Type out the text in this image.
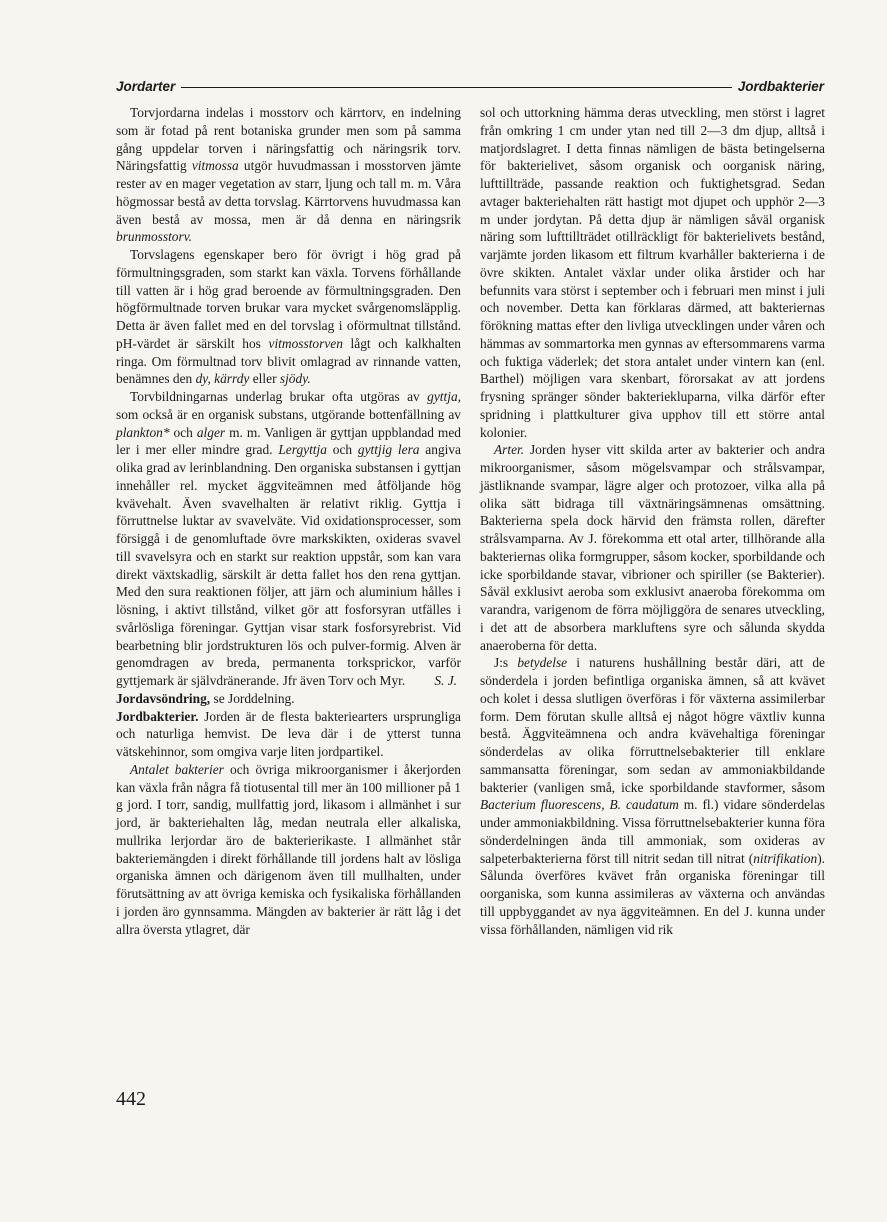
Jordarter	Jordbakterier

Torvjordarna indelas i mosstorv och kärrtorv, en indelning som är fotad på rent botaniska grunder men som på samma gång uppdelar torven i näringsfattig och näringsrik torv. Näringsfattig vitmossa utgör huvudmassan i mosstorven jämte rester av en mager vegetation av starr, ljung och tall m. m. Våra högmossar bestå av detta torvslag. Kärrtorvens huvudmassa kan även bestå av mossa, men är då denna en näringsrik brunmosstorv.

Torvslagens egenskaper bero för övrigt i hög grad på förmultningsgraden, som starkt kan växla. Torvens förhållande till vatten är i hög grad beroende av förmultningsgraden. Den högförmultnade torven brukar vara mycket svårgenomsläpplig. Detta är även fallet med en del torvslag i oförmultnat tillstånd. pH-värdet är särskilt hos vitmosstorven lågt och kalkhalten ringa. Om förmultnad torv blivit omlagrad av rinnande vatten, benämnes den dy, kärrdy eller sjödy.

Torvbildningarnas underlag brukar ofta utgöras av gyttja, som också är en organisk substans, utgörande bottenfällning av plankton* och alger m. m. Vanligen är gyttjan uppblandad med ler i mer eller mindre grad. Lergyttja och gyttjig lera angiva olika grad av lerinblandning. Den organiska substansen i gyttjan innehåller rel. mycket äggviteämnen med åtföljande hög kvävehalt. Även svavelhalten är relativt riklig. Gyttja i förruttnelse luktar av svavelväte. Vid oxidationsprocesser, som försiggå i de genomluftade övre markskikten, oxideras svavel till svavelsyra och en starkt sur reaktion uppstår, som kan vara direkt växtskadlig, särskilt är detta fallet hos den rena gyttjan. Med den sura reaktionen följer, att järn och aluminium hålles i lösning, i aktivt tillstånd, vilket gör att fosforsyran utfälles i svårlösliga föreningar. Gyttjan visar stark fosforsyrebrist. Vid bearbetning blir jordstrukturen lös och pulver-formig. Alven är genomdragen av breda, permanenta torksprickor, varför gyttjemark är självdränerande. Jfr även Torv och Myr.	S. J.

Jordavsöndring, se Jorddelning.

Jordbakterier. Jorden är de flesta bakteriearters ursprungliga och naturliga hemvist. De leva där i de ytterst tunna vätskehinnor, som omgiva varje liten jordpartikel.

Antalet bakterier och övriga mikroorganismer i åkerjorden kan växla från några få tiotusental till mer än 100 millioner på 1 g jord. I torr, sandig, mullfattig jord, likasom i allmänhet i sur jord, är bakteriehalten låg, medan neutrala eller alkaliska, mullrika lerjordar äro de bakterierikaste. I allmänhet står bakteriemängden i direkt förhållande till jordens halt av lösliga organiska ämnen och därigenom även till mullhalten, under förutsättning av att övriga kemiska och fysikaliska förhållanden i jorden äro gynnsamma. Mängden av bakterier är rätt låg i det allra översta ytlagret, där

sol och uttorkning hämma deras utveckling, men störst i lagret från omkring 1 cm under ytan ned till 2—3 dm djup, alltså i matjordslagret. I detta finnas nämligen de bästa betingelserna för bakterielivet, såsom organisk och oorganisk näring, lufttillträde, passande reaktion och fuktighetsgrad. Sedan avtager bakteriehalten rätt hastigt mot djupet och upphör 2—3 m under jordytan. På detta djup är nämligen såväl organisk näring som lufttillträdet otillräckligt för bakterielivets bestånd, varjämte jorden likasom ett filtrum kvarhåller bakterierna i de övre skikten. Antalet växlar under olika årstider och har befunnits vara störst i september och i februari men minst i juli och november. Detta kan förklaras därmed, att bakteriernas förökning mattas efter den livliga utvecklingen under våren och hämmas av sommartorka men gynnas av eftersommarens varma och fuktiga väderlek; det stora antalet under vintern kan (enl. Barthel) möjligen vara skenbart, förorsakat av att jordens frysning spränger sönder bakteriekluparna, vilka därför efter spridning i plattkulturer giva upphov till ett större antal kolonier.

Arter. Jorden hyser vitt skilda arter av bakterier och andra mikroorganismer, såsom mögelsvampar och strålsvampar, jästliknande svampar, lägre alger och protozoer, vilka alla på olika sätt bidraga till växtnäringsämnenas omsättning. Bakterierna spela dock härvid den främsta rollen, därefter strålsvamparna. Av J. förekomma ett otal arter, tillhörande alla bakteriernas olika formgrupper, såsom kocker, sporbildande och icke sporbildande stavar, vibrioner och spiriller (se Bakterier). Såväl exklusivt aeroba som exklusivt anaeroba förekomma om varandra, varigenom de förra möjliggöra de senares utveckling, i det att de absorbera markluftens syre och sålunda skydda anaeroberna för detta.

J:s betydelse i naturens hushållning består däri, att de sönderdela i jorden befintliga organiska ämnen, så att kvävet och kolet i dessa slutligen överföras i för växterna assimilerbar form. Dem förutan skulle alltså ej något högre växtliv kunna bestå. Äggviteämnena och andra kvävehaltiga föreningar sönderdelas av olika förruttnelsebakterier till enklare sammansatta föreningar, som sedan av ammoniakbildande bakterier (vanligen små, icke sporbildande stavformer, såsom Bacterium fluorescens, B. caudatum m. fl.) vidare sönderdelas under ammoniakbildning. Vissa förruttnelsebakterier kunna föra sönderdelningen ända till ammoniak, som oxideras av salpeterbakterierna först till nitrit sedan till nitrat (nitrifikation). Sålunda överföres kvävet från organiska föreningar till oorganiska, som kunna assimileras av växterna och användas till uppbyggandet av nya äggviteämnen. En del J. kunna under vissa förhållanden, nämligen vid rik

442
